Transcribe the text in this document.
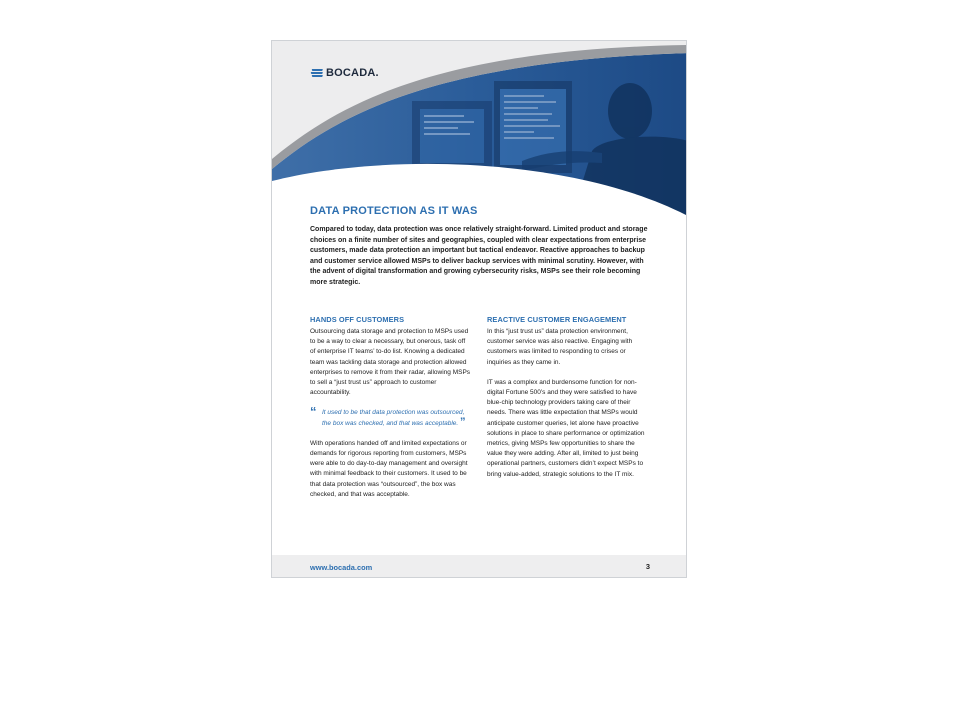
BOCADA.
DATA PROTECTION AS IT WAS
Compared to today, data protection was once relatively straight-forward. Limited product and storage choices on a finite number of sites and geographies, coupled with clear expectations from enterprise customers, made data protection an important but tactical endeavor. Reactive approaches to backup and customer service allowed MSPs to deliver backup services with minimal scrutiny. However, with the advent of digital transformation and growing cybersecurity risks, MSPs see their role becoming more strategic.
HANDS OFF CUSTOMERS

Outsourcing data storage and protection to MSPs used to be a way to clear a necessary, but onerous, task off of enterprise IT teams’ to-do list. Knowing a dedicated team was tackling data storage and protection allowed enterprises to remove it from their radar, allowing MSPs to sell a “just trust us” approach to customer accountability.

“ It used to be that data protection was outsourced, the box was checked, and that was acceptable. ”

With operations handed off and limited expectations or demands for rigorous reporting from customers, MSPs were able to do day-to-day management and oversight with minimal feedback to their customers. It used to be that data protection was “outsourced”, the box was checked, and that was acceptable.

REACTIVE CUSTOMER ENGAGEMENT

In this “just trust us” data protection environment, customer service was also reactive. Engaging with customers was limited to responding to crises or inquiries as they came in.

IT was a complex and burdensome function for non-digital Fortune 500’s and they were satisfied to have blue-chip technology providers taking care of their needs. There was little expectation that MSPs would anticipate customer queries, let alone have proactive solutions in place to share performance or optimization metrics, giving MSPs few opportunities to share the value they were adding. After all, limited to just being operational partners, customers didn’t expect MSPs to bring value-added, strategic solutions to the IT mix.

www.bocada.com	3
